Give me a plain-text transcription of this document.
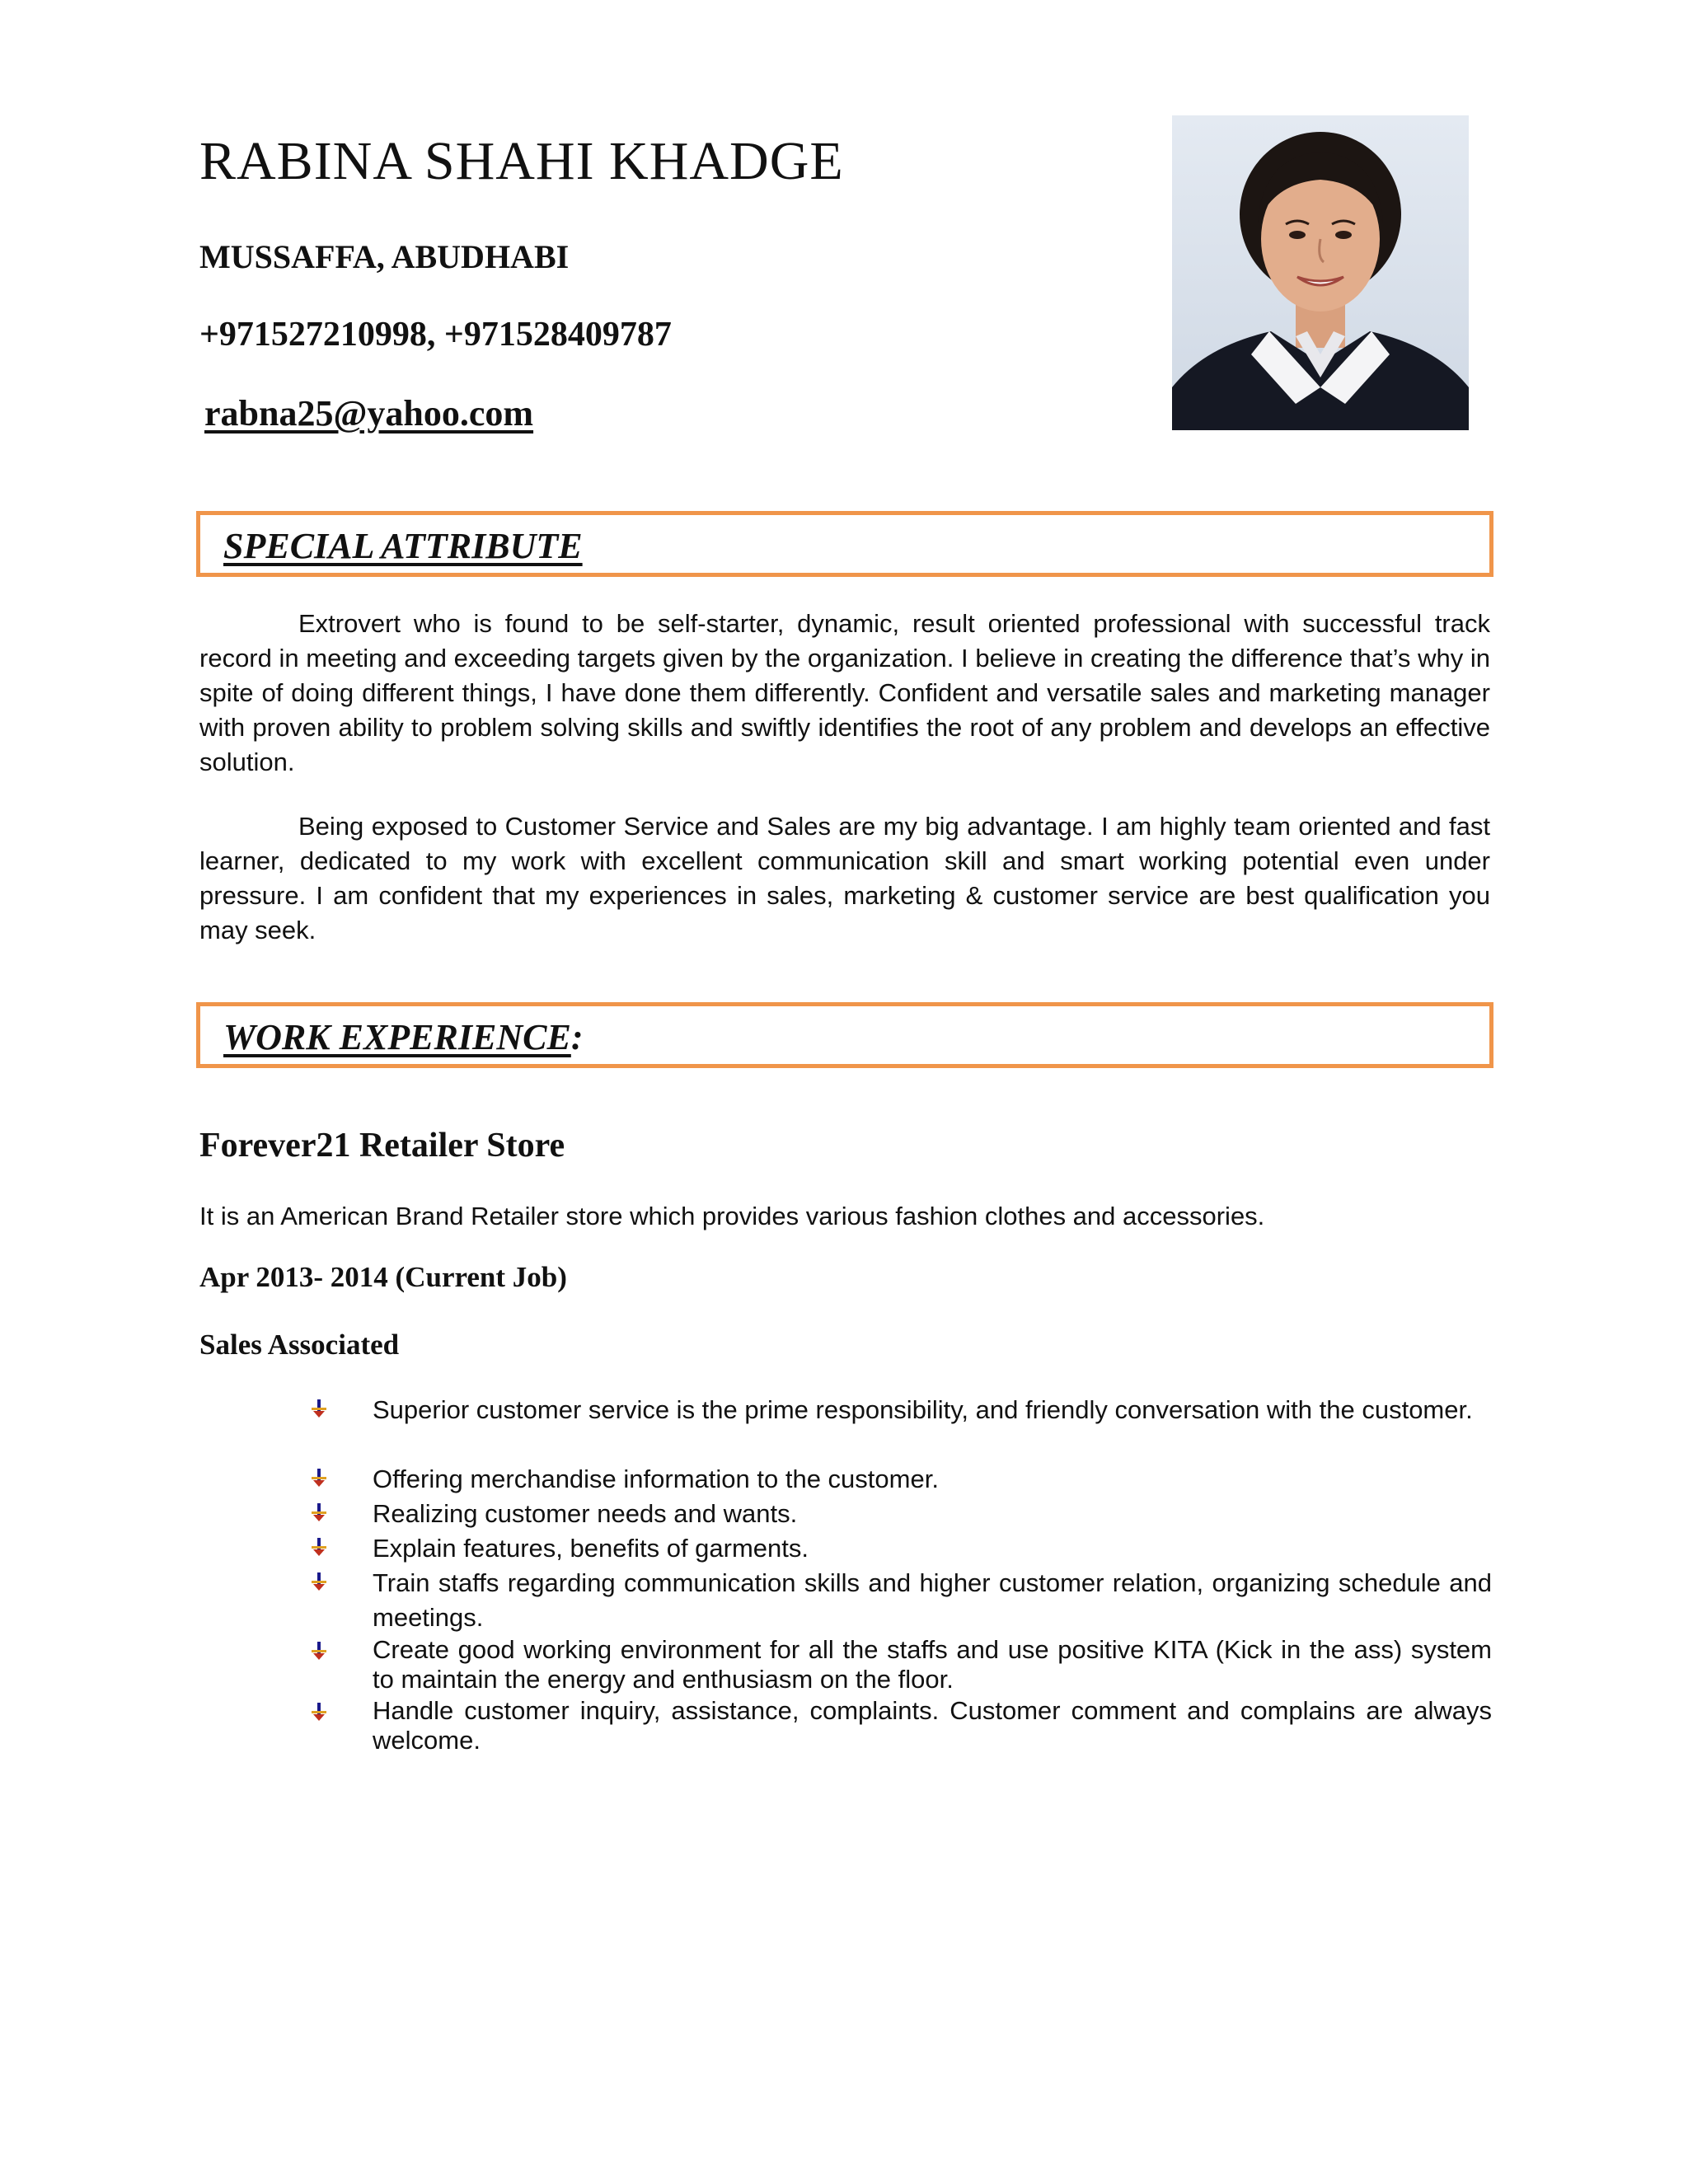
RABINA SHAHI KHADGE
MUSSAFFA, ABUDHABI
+971527210998, +971528409787
rabna25@yahoo.com
SPECIAL ATTRIBUTE
Extrovert who is found to be self-starter, dynamic, result oriented professional with successful track record in meeting and exceeding targets given by the organization. I believe in creating the difference that’s why in spite of doing different things, I have done them differently. Confident and versatile sales and marketing manager with proven ability to problem solving skills and swiftly identifies the root of any problem and develops an effective solution.
Being exposed to Customer Service and Sales are my big advantage. I am highly team oriented and fast learner, dedicated to my work with excellent communication skill and smart working potential even under pressure. I am confident that my experiences in sales, marketing & customer service are best qualification you may seek.
WORK EXPERIENCE:
Forever21 Retailer Store
It is an American Brand Retailer store which provides various fashion clothes and accessories.
Apr 2013- 2014 (Current Job)
Sales Associated
Superior customer service is the prime responsibility, and friendly conversation with the customer.
Offering merchandise information to the customer.
Realizing customer needs and wants.
Explain features, benefits of garments.
Train staffs regarding communication skills and higher customer relation, organizing schedule and meetings.
Create good working environment for all the staffs and use positive KITA (Kick in the ass) system to maintain the energy and enthusiasm on the floor.
Handle customer inquiry, assistance, complaints. Customer comment and complains are always welcome.
